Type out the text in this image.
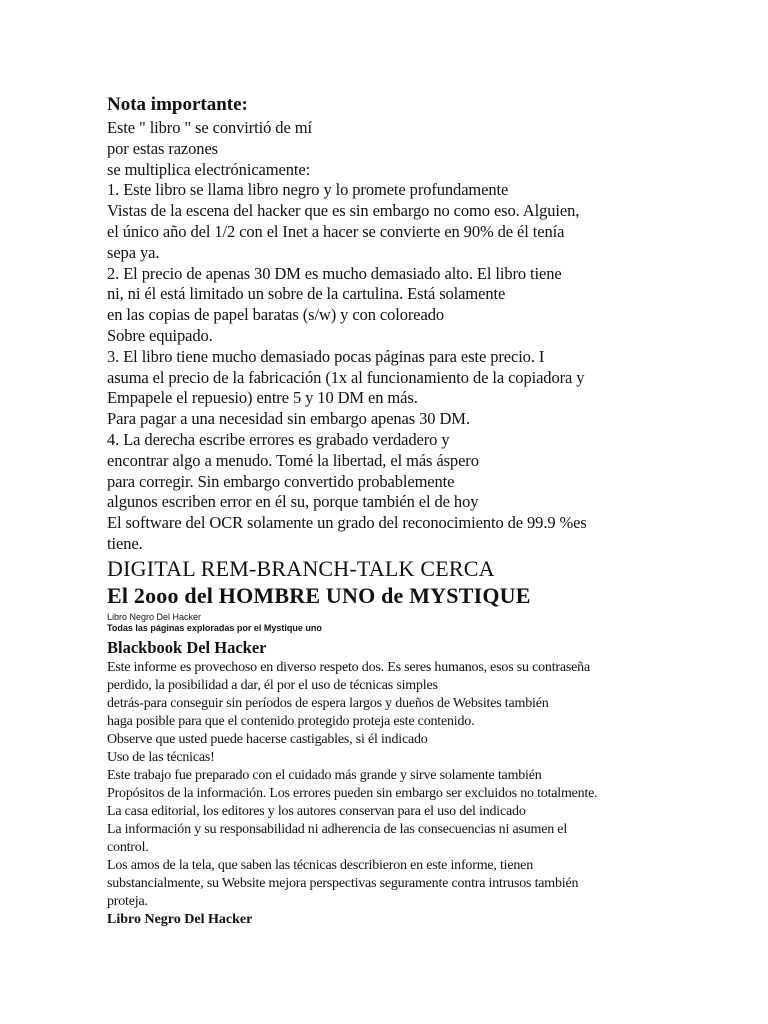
Nota importante:
Este " libro " se convirtió de mí
por estas razones
se multiplica electrónicamente:
1. Este libro se llama libro negro y lo promete profundamente
Vistas de la escena del hacker que es sin embargo no como eso. Alguien,
el único año del 1/2 con el Inet a hacer se convierte en 90% de él tenía
sepa ya.
2. El precio de apenas 30 DM es mucho demasiado alto. El libro tiene
ni, ni él está limitado un sobre de la cartulina. Está solamente
en las copias de papel baratas (s/w) y con coloreado
Sobre equipado.
3. El libro tiene mucho demasiado pocas páginas para este precio. I
asuma el precio de la fabricación (1x al funcionamiento de la copiadora y
Empapele el repuesio) entre 5 y 10 DM en más.
Para pagar a una necesidad sin embargo apenas 30 DM.
4. La derecha escribe errores es grabado verdadero y
encontrar algo a menudo. Tomé la libertad, el más áspero
para corregir. Sin embargo convertido probablemente
algunos escriben error en él su, porque también el de hoy
El software del OCR solamente un grado del reconocimiento de 99.9 %es
tiene.
DIGITAL REM-BRANCH-TALK CERCA
El 2ooo del HOMBRE UNO de MYSTIQUE
Libro Negro Del Hacker
Todas las páginas exploradas por el Mystique uno
Blackbook Del Hacker
Este informe es provechoso en diverso respeto dos. Es seres humanos, esos su contraseña
perdido, la posibilidad a dar, él por el uso de técnicas simples
detrás-para conseguir sin períodos de espera largos y dueños de Websites también
haga posible para que el contenido protegido proteja este contenido.
Observe que usted puede hacerse castigables, si él indicado
Uso de las técnicas!
Este trabajo fue preparado con el cuidado más grande y sirve solamente también
Propósitos de la información. Los errores pueden sin embargo ser excluidos no totalmente.
La casa editorial, los editores y los autores conservan para el uso del indicado
La información y su responsabilidad ni adherencia de las consecuencias ni asumen el
control.
Los amos de la tela, que saben las técnicas describieron en este informe, tienen
substancialmente, su Website mejora perspectivas seguramente contra intrusos también
proteja.
Libro Negro Del Hacker
